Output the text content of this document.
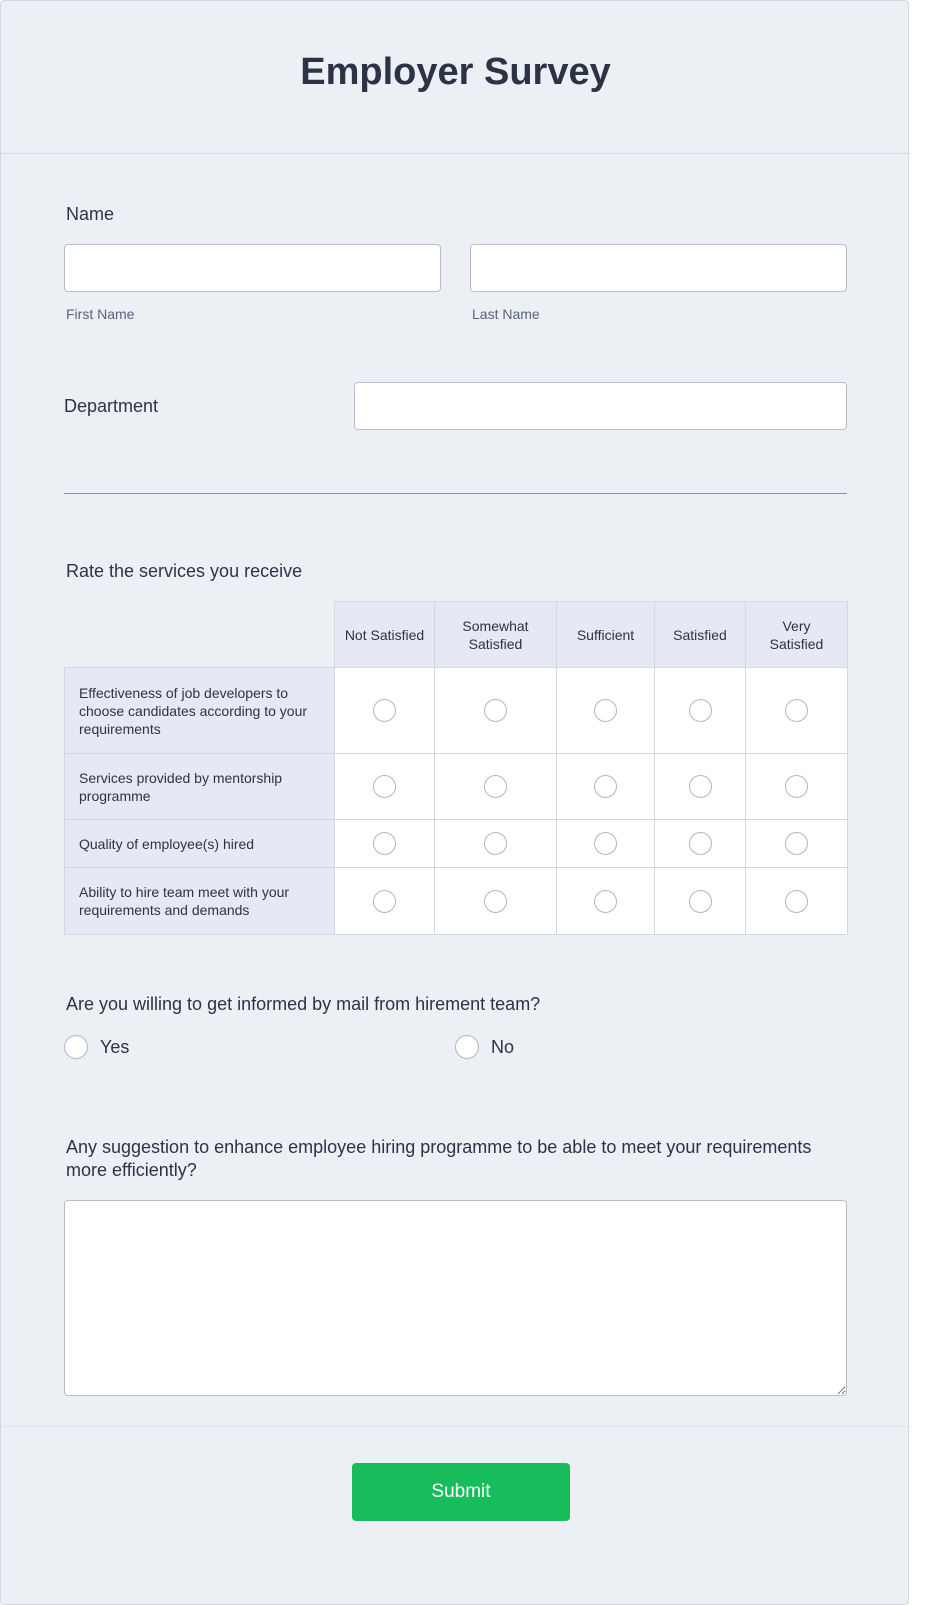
Employer Survey
Name
First Name	Last Name
Department
Rate the services you receive
	Not Satisfied	Somewhat Satisfied	Sufficient	Satisfied	Very Satisfied
Effectiveness of job developers to choose candidates according to your requirements					
Services provided by mentorship programme					
Quality of employee(s) hired					
Ability to hire team meet with your requirements and demands					
Are you willing to get informed by mail from hirement team?
Yes	No
Any suggestion to enhance employee hiring programme to be able to meet your requirements more efficiently?
Submit
